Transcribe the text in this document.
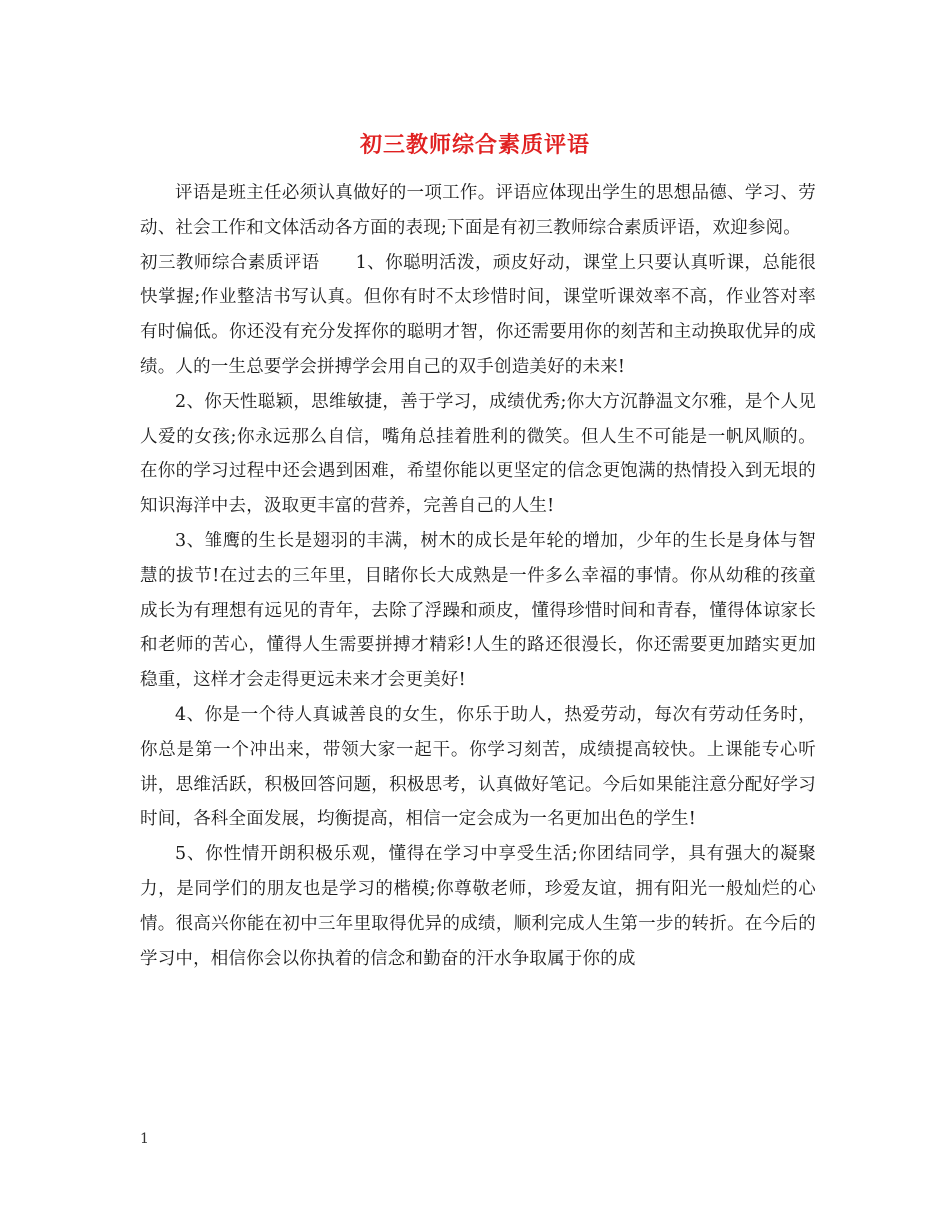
初三教师综合素质评语

评语是班主任必须认真做好的一项工作。评语应体现出学生的思想品德、学习、劳动、社会工作和文体活动各方面的表现;下面是有初三教师综合素质评语，欢迎参阅。

初三教师综合素质评语　　1、你聪明活泼，顽皮好动，课堂上只要认真听课，总能很快掌握;作业整洁书写认真。但你有时不太珍惜时间，课堂听课效率不高，作业答对率有时偏低。你还没有充分发挥你的聪明才智，你还需要用你的刻苦和主动换取优异的成绩。人的一生总要学会拼搏学会用自己的双手创造美好的未来!

2、你天性聪颖，思维敏捷，善于学习，成绩优秀;你大方沉静温文尔雅，是个人见人爱的女孩;你永远那么自信，嘴角总挂着胜利的微笑。但人生不可能是一帆风顺的。在你的学习过程中还会遇到困难，希望你能以更坚定的信念更饱满的热情投入到无垠的知识海洋中去，汲取更丰富的营养，完善自己的人生!

3、雏鹰的生长是翅羽的丰满，树木的成长是年轮的增加，少年的生长是身体与智慧的拔节!在过去的三年里，目睹你长大成熟是一件多么幸福的事情。你从幼稚的孩童成长为有理想有远见的青年，去除了浮躁和顽皮，懂得珍惜时间和青春，懂得体谅家长和老师的苦心，懂得人生需要拼搏才精彩!人生的路还很漫长，你还需要更加踏实更加稳重，这样才会走得更远未来才会更美好!

4、你是一个待人真诚善良的女生，你乐于助人，热爱劳动，每次有劳动任务时，你总是第一个冲出来，带领大家一起干。你学习刻苦，成绩提高较快。上课能专心听讲，思维活跃，积极回答问题，积极思考，认真做好笔记。今后如果能注意分配好学习时间，各科全面发展，均衡提高，相信一定会成为一名更加出色的学生!

5、你性情开朗积极乐观，懂得在学习中享受生活;你团结同学，具有强大的凝聚力，是同学们的朋友也是学习的楷模;你尊敬老师，珍爱友谊，拥有阳光一般灿烂的心情。很高兴你能在初中三年里取得优异的成绩，顺利完成人生第一步的转折。在今后的学习中，相信你会以你执着的信念和勤奋的汗水争取属于你的成

1
